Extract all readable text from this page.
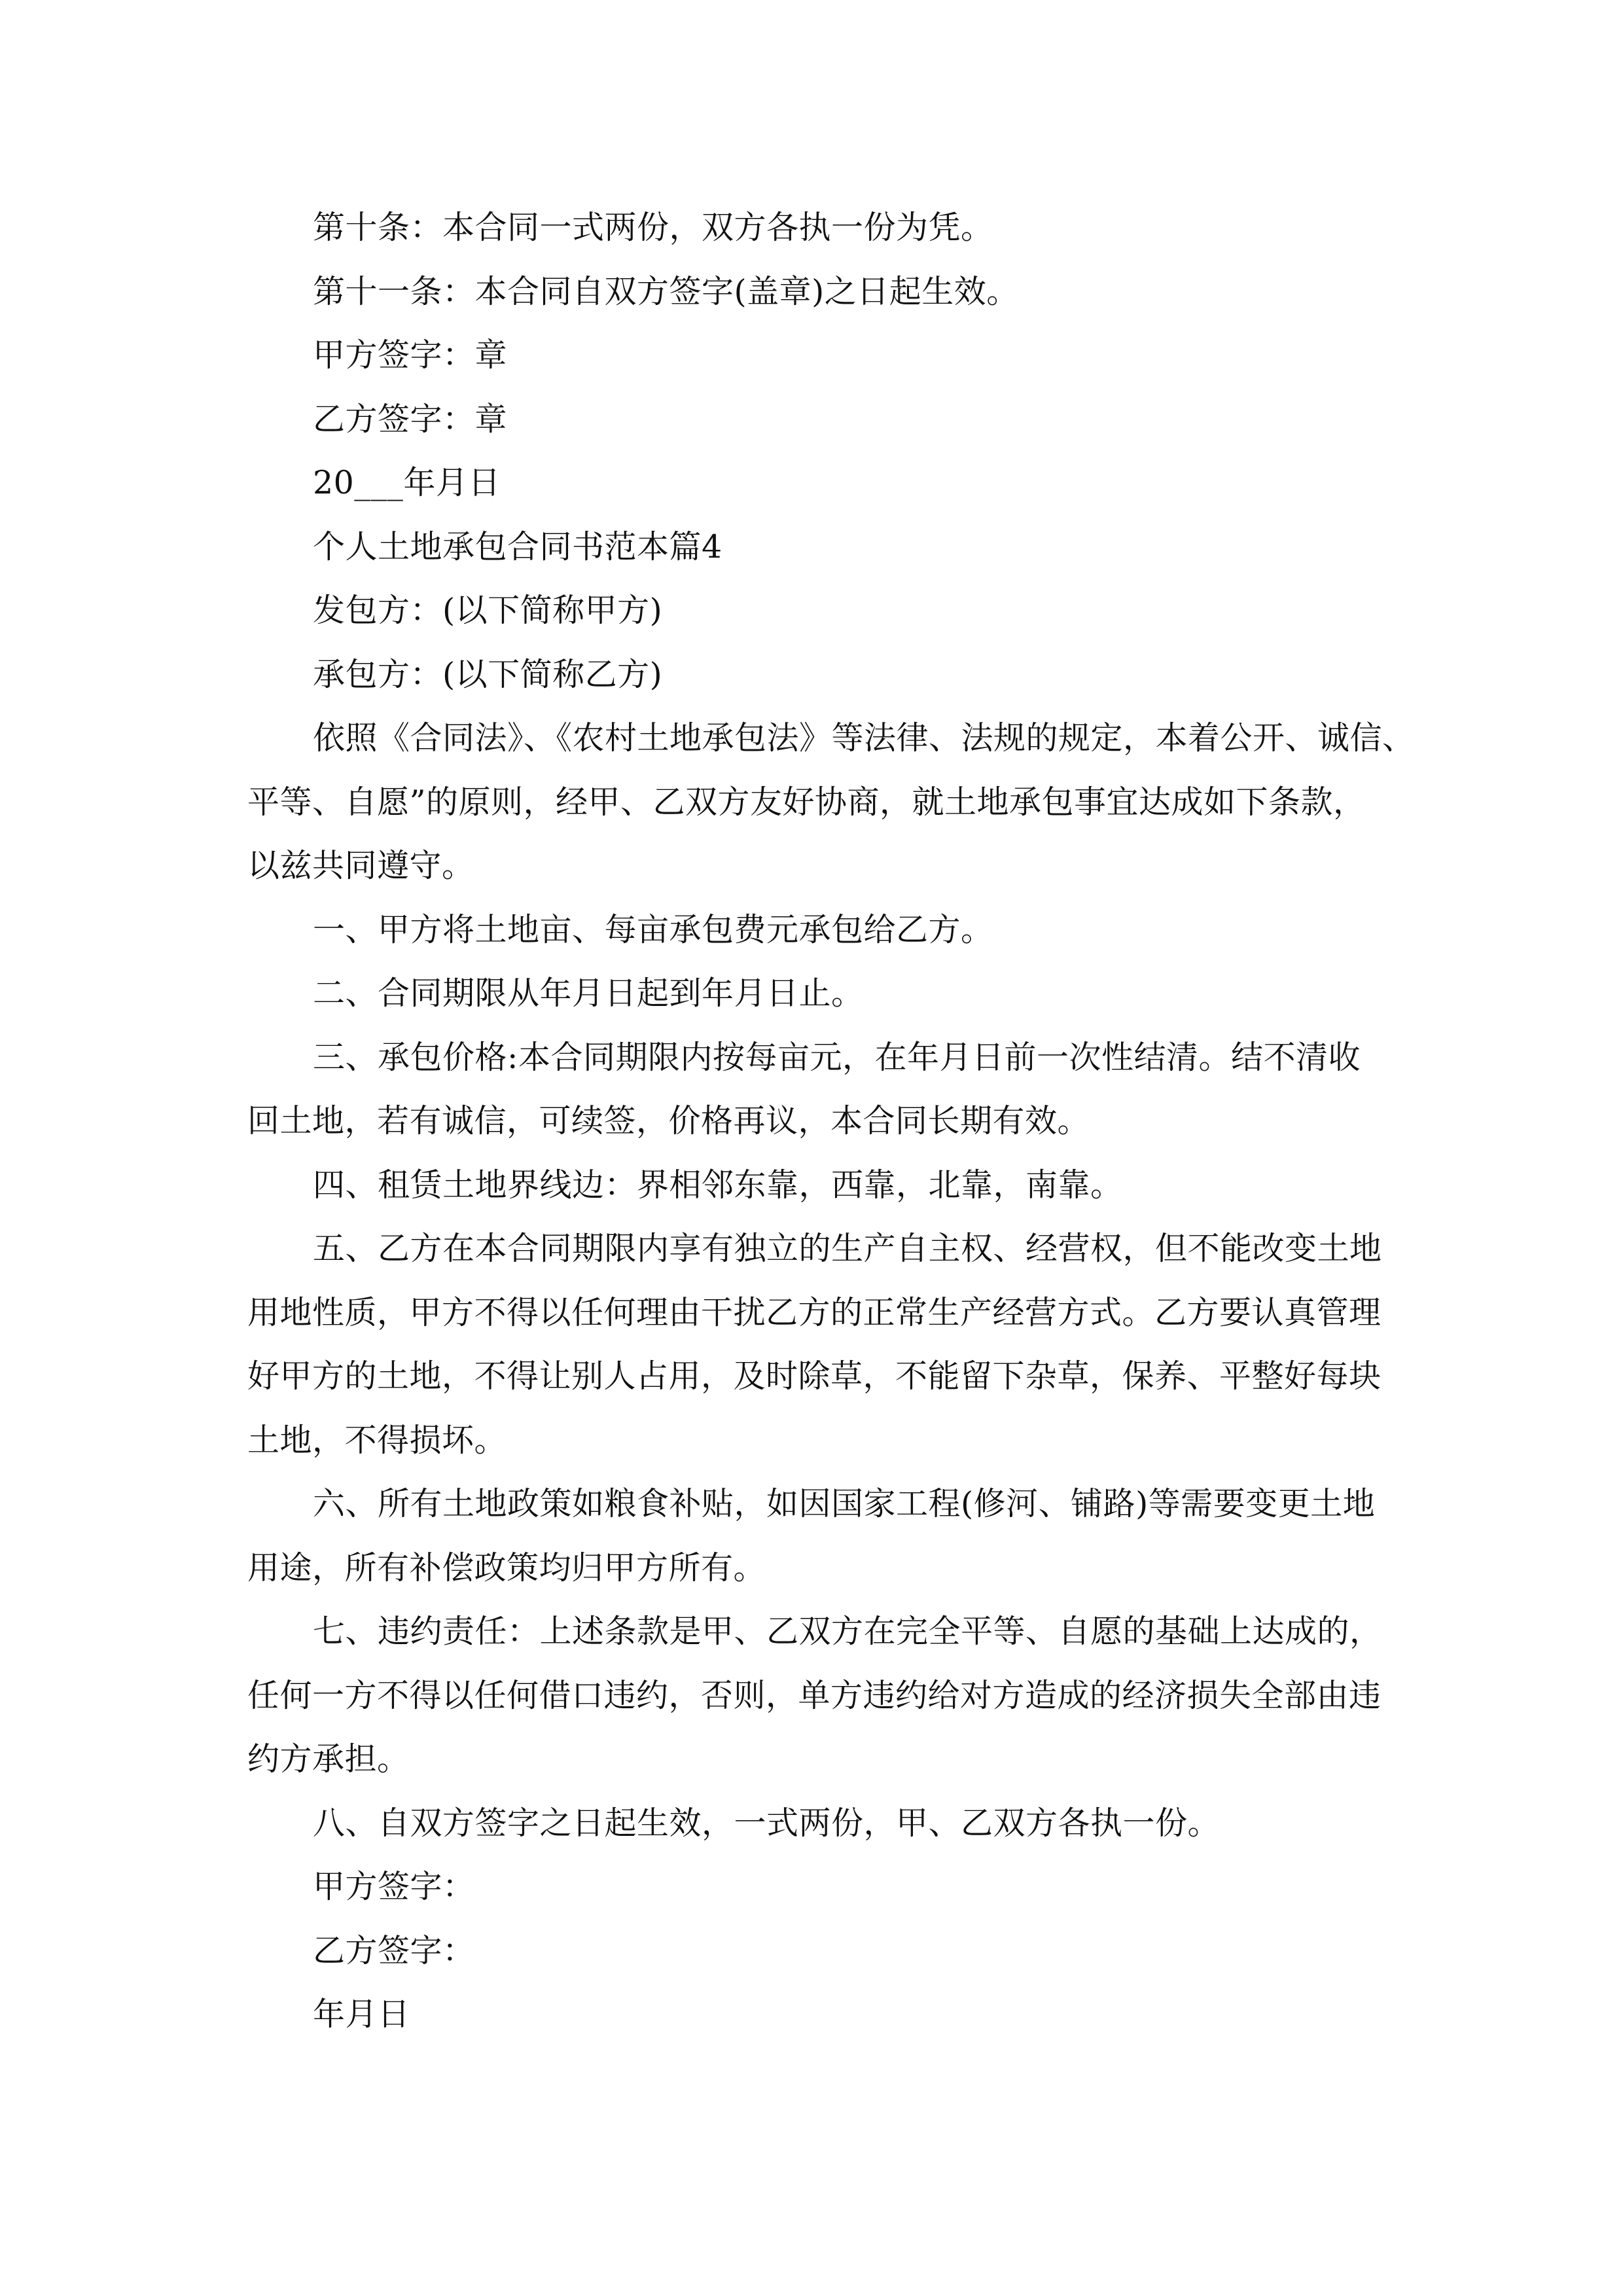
第十条：本合同一式两份，双方各执一份为凭。
第十一条：本合同自双方签字(盖章)之日起生效。
甲方签字：章
乙方签字：章
20___年月日
个人土地承包合同书范本篇4
发包方：(以下简称甲方)
承包方：(以下简称乙方)
依照《合同法》、《农村土地承包法》等法律、法规的规定，本着公开、诚信、
平等、自愿”的原则，经甲、乙双方友好协商，就土地承包事宜达成如下条款，
以兹共同遵守。
一、甲方将土地亩、每亩承包费元承包给乙方。
二、合同期限从年月日起到年月日止。
三、承包价格:本合同期限内按每亩元，在年月日前一次性结清。结不清收
回土地，若有诚信，可续签，价格再议，本合同长期有效。
四、租赁土地界线边：界相邻东靠，西靠，北靠，南靠。
五、乙方在本合同期限内享有独立的生产自主权、经营权，但不能改变土地
用地性质，甲方不得以任何理由干扰乙方的正常生产经营方式。乙方要认真管理
好甲方的土地，不得让别人占用，及时除草，不能留下杂草，保养、平整好每块
土地，不得损坏。
六、所有土地政策如粮食补贴，如因国家工程(修河、铺路)等需要变更土地
用途，所有补偿政策均归甲方所有。
七、违约责任：上述条款是甲、乙双方在完全平等、自愿的基础上达成的，
任何一方不得以任何借口违约，否则，单方违约给对方造成的经济损失全部由违
约方承担。
八、自双方签字之日起生效，一式两份，甲、乙双方各执一份。
甲方签字：
乙方签字：
年月日
